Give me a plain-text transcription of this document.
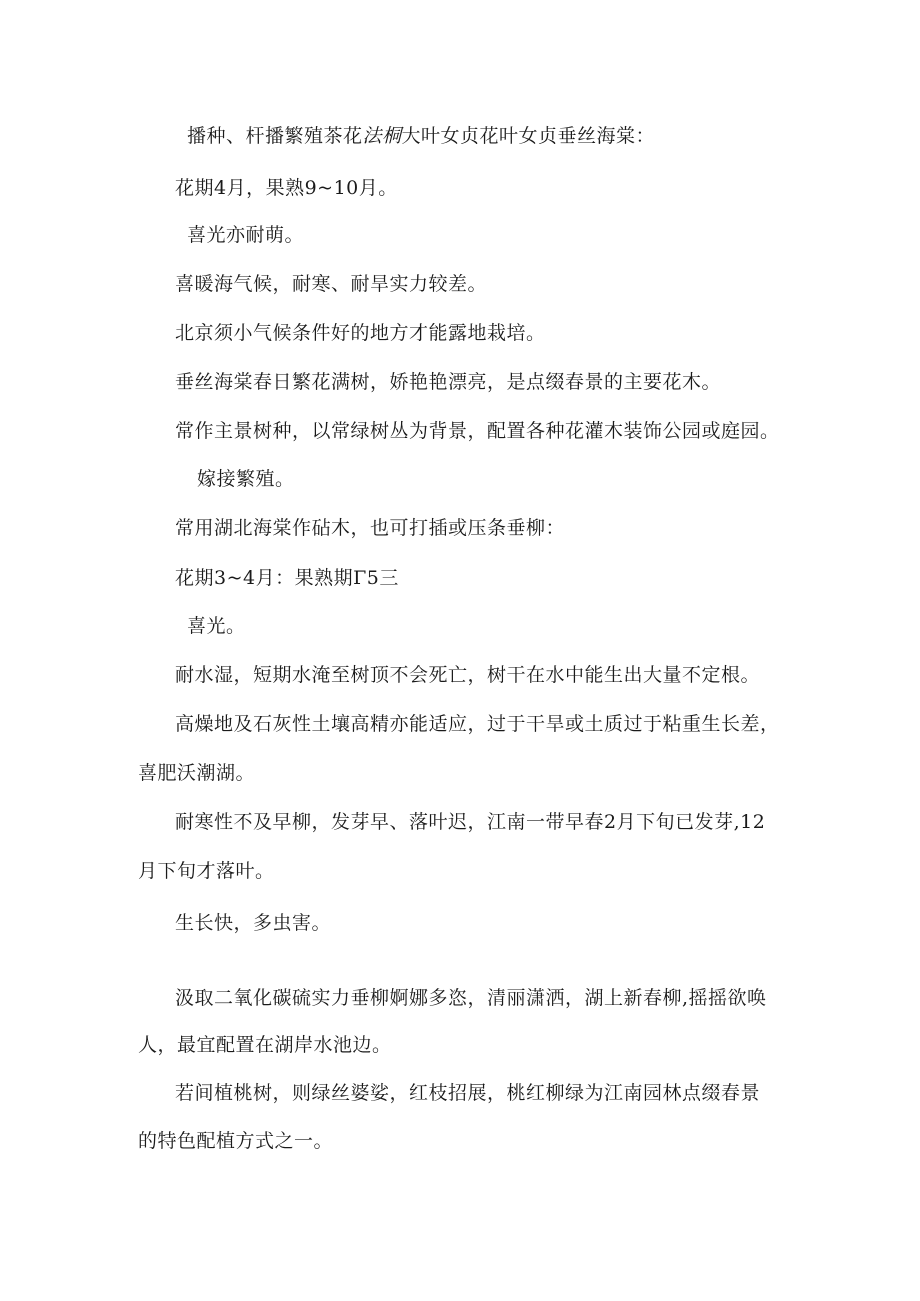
播种、杆播繁殖茶花法桐大叶女贞花叶女贞垂丝海棠：
花期4月，果熟9~10月。
喜光亦耐萌。
喜暖海气候，耐寒、耐旱实力较差。
北京须小气候条件好的地方才能露地栽培。
垂丝海棠春日繁花满树，娇艳艳漂亮，是点缀春景的主要花木。
常作主景树种，以常绿树丛为背景，配置各种花灌木装饰公园或庭园。
嫁接繁殖。
常用湖北海棠作砧木，也可打插或压条垂柳：
花期3~4月：果熟期Γ5三
喜光。
耐水湿，短期水淹至树顶不会死亡，树干在水中能生出大量不定根。
高燥地及石灰性土壤高精亦能适应，过于干旱或土质过于粘重生长差，
喜肥沃潮湖。
耐寒性不及早柳，发芽早、落叶迟，江南一带早春2月下旬已发芽,12
月下旬才落叶。
生长快，多虫害。
汲取二氧化碳硫实力垂柳婀娜多恣，清丽潇洒，湖上新春柳,摇摇欲唤
人，最宜配置在湖岸水池边。
若间植桃树，则绿丝婆娑，红枝招展，桃红柳绿为江南园林点缀春景
的特色配植方式之一。
